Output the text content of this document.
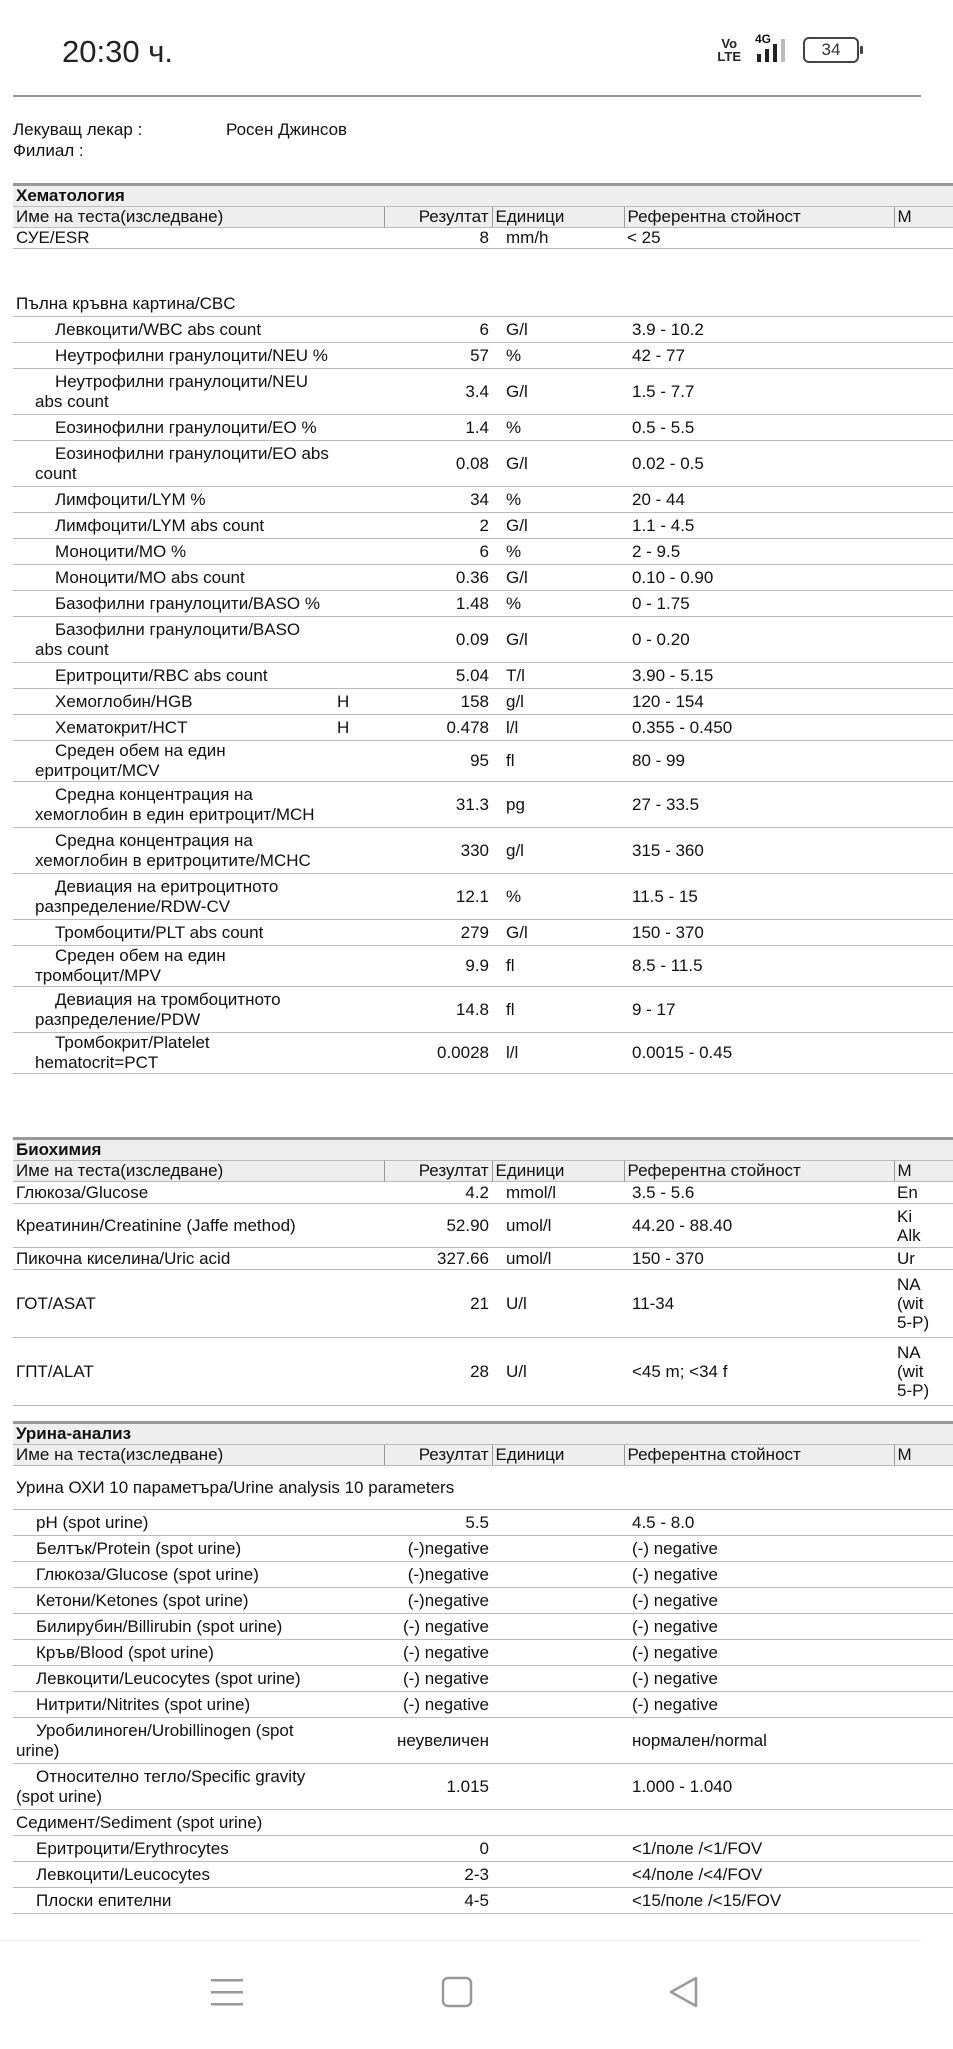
20:30 ч.	Vo
LTE
4G
34
Лекуващ лекар :	Росен Джинсов
Филиал :
Хематология					
Име на теста(изследване)		Резултат	Единици	Референтна стойност	М
СУЕ/ESR		8	mm/h	< 25	
Пълна кръвна картина/CBC					
Левкоцити/WBC abs count		6	G/l	3.9 - 10.2	
Неутрофилни гранулоцити/NEU %		57	%	42 - 77	
Неутрофилни гранулоцити/NEU abs count		3.4	G/l	1.5 - 7.7	
Еозинофилни гранулоцити/EO %		1.4	%	0.5 - 5.5	
Еозинофилни гранулоцити/EO abs count		0.08	G/l	0.02 - 0.5	
Лимфоцити/LYM %		34	%	20 - 44	
Лимфоцити/LYM abs count		2	G/l	1.1 - 4.5	
Моноцити/MO %		6	%	2 - 9.5	
Моноцити/MO abs count		0.36	G/l	0.10 - 0.90	
Базофилни гранулоцити/BASO %		1.48	%	0 - 1.75	
Базофилни гранулоцити/BASO abs count		0.09	G/l	0 - 0.20	
Еритроцити/RBC abs count		5.04	T/l	3.90 - 5.15	
Хемоглобин/HGB	H	158	g/l	120 - 154	
Хематокрит/HCT	H	0.478	l/l	0.355 - 0.450	
Среден обем на един еритроцит/MCV		95	fl	80 - 99	
Средна концентрация на хемоглобин в един еритроцит/MCH		31.3	pg	27 - 33.5	
Средна концентрация на хемоглобин в еритроцитите/MCHC		330	g/l	315 - 360	
Девиация на еритроцитното разпределение/RDW-CV		12.1	%	11.5 - 15	
Тромбоцити/PLT abs count		279	G/l	150 - 370	
Среден обем на един тромбоцит/MPV		9.9	fl	8.5 - 11.5	
Девиация на тромбоцитното разпределение/PDW		14.8	fl	9 - 17	
Тромбокрит/Platelet hematocrit=PCT		0.0028	l/l	0.0015 - 0.45	
Биохимия					
Име на теста(изследване)		Резултат	Единици	Референтна стойност	М
Глюкоза/Glucose		4.2	mmol/l	3.5 - 5.6	En
Креатинин/Creatinine (Jaffe method)		52.90	umol/l	44.20 - 88.40	Ki
Alk
Пикочна киселина/Uric acid		327.66	umol/l	150 - 370	Ur
ГОТ/ASAT		21	U/l	11-34	NA
(wit
5-P)
ГПТ/ALAT		28	U/l	<45 m; <34 f	NA
(wit
5-P)
Урина-анализ					
Име на теста(изследване)		Резултат	Единици	Референтна стойност	М
Урина ОХИ 10 параметъра/Urine analysis 10 parameters					
pH (spot urine)		5.5		4.5 - 8.0	
Белтък/Protein (spot urine)		(-)negative		(-) negative	
Глюкоза/Glucose (spot urine)		(-)negative		(-) negative	
Кетони/Ketones (spot urine)		(-)negative		(-) negative	
Билирубин/Billirubin (spot urine)		(-) negative		(-) negative	
Кръв/Blood (spot urine)		(-) negative		(-) negative	
Левкоцити/Leucocytes (spot urine)		(-) negative		(-) negative	
Нитрити/Nitrites (spot urine)		(-) negative		(-) negative	
Уробилиноген/Urobillinogen (spot urine)		неувеличен		нормален/normal	
Относително тегло/Specific gravity (spot urine)		1.015		1.000 - 1.040	
Седимент/Sediment (spot urine)					
Еритроцити/Erythrocytes		0		<1/поле /<1/FOV	
Левкоцити/Leucocytes		2-3		<4/поле /<4/FOV	
Плоски епителни		4-5		<15/поле /<15/FOV	
